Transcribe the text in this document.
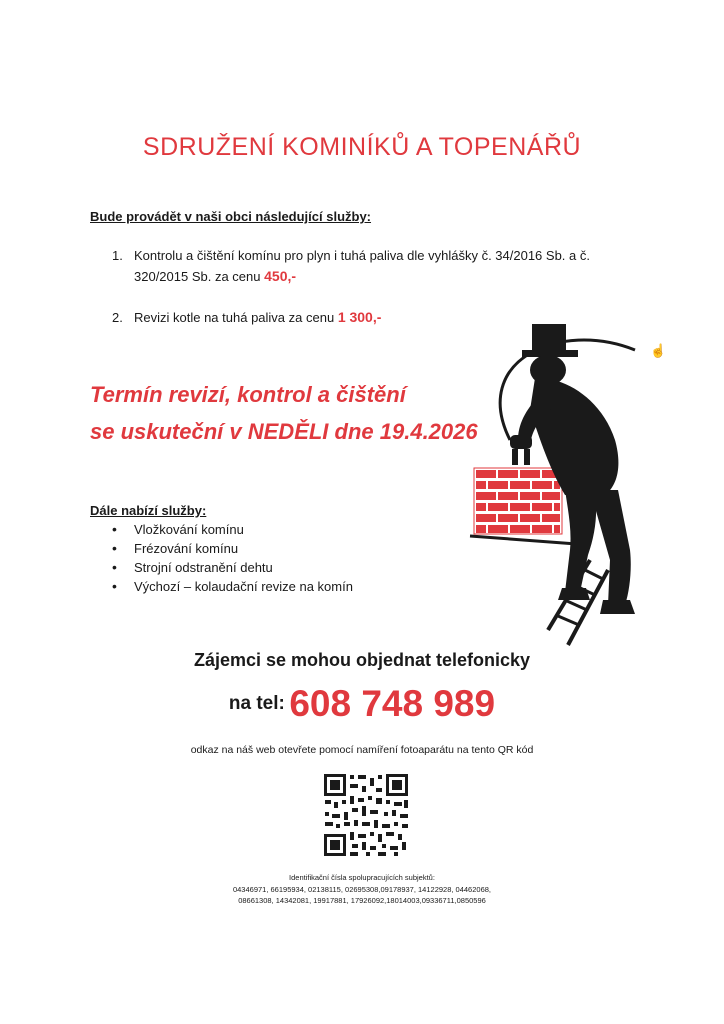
SDRUŽENÍ KOMINÍKŮ A TOPENÁŘŮ
Bude provádět v naši obci následující služby:
1. Kontrolu a čištění komínu pro plyn i tuhá paliva dle vyhlášky č. 34/2016 Sb. a č. 320/2015 Sb. za cenu 450,-
2. Revizi kotle na tuhá paliva za cenu 1 300,-
Termín revizí, kontrol a čištění
se uskuteční v NEDĚLI dne 19.4.2026
Dále nabízí služby:
• Vložkování komínu
• Frézování komínu
• Strojní odstranění dehtu
• Výchozí – kolaudační revize na komín
☝
Zájemci se mohou objednat telefonicky
na tel: 608 748 989
odkaz na náš web otevřete pomocí namíření fotoaparátu na tento QR kód
Identifikační čísla spolupracujících subjektů:
04346971, 66195934, 02138115, 02695308,09178937, 14122928, 04462068,
08661308, 14342081, 19917881, 17926092,18014003,09336711,0850596
